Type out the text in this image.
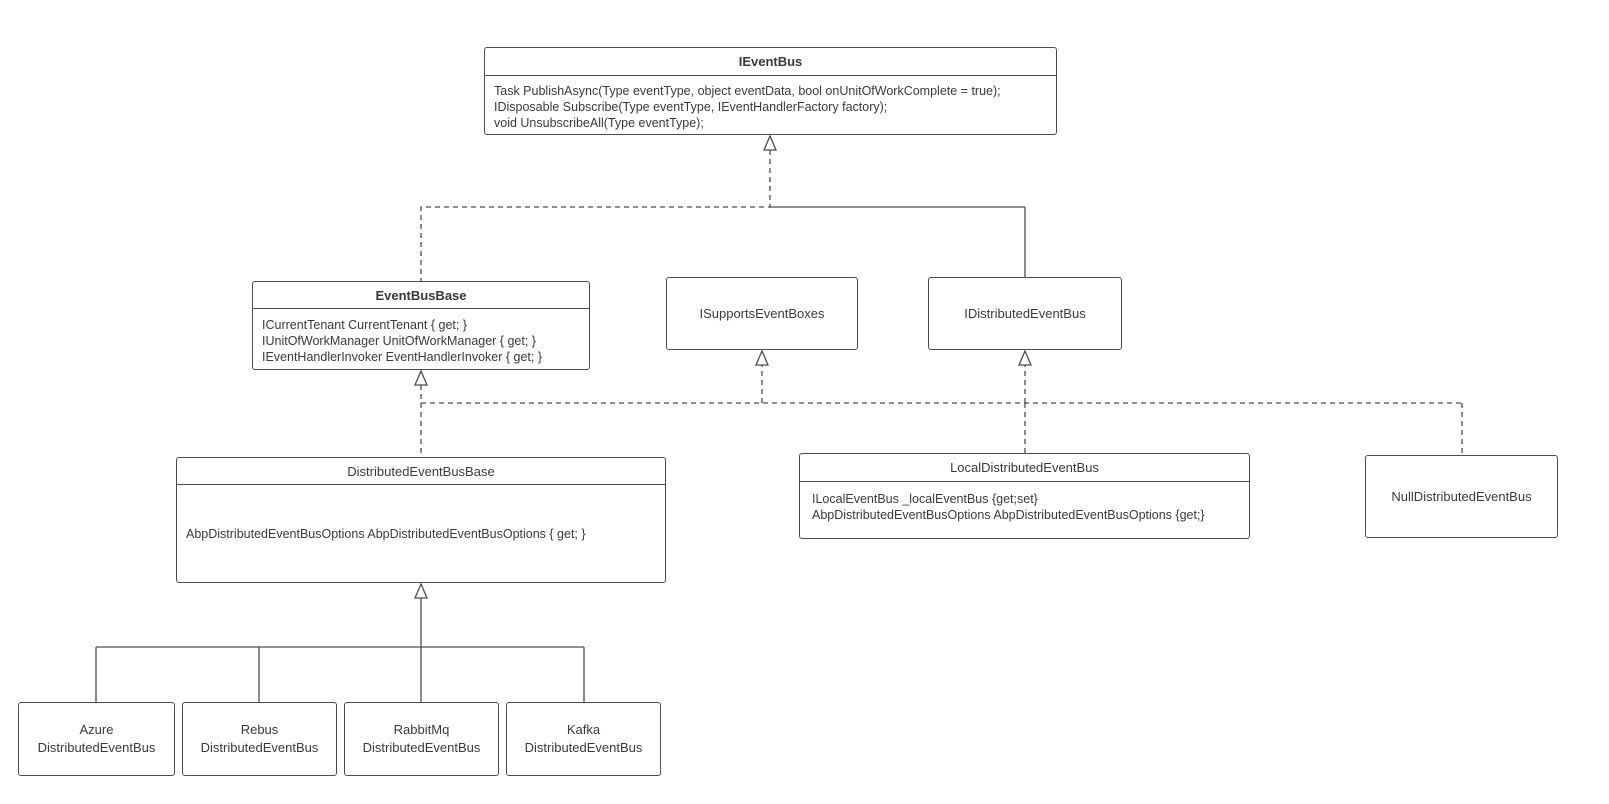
IEventBus
Task PublishAsync(Type eventType, object eventData, bool onUnitOfWorkComplete = true);
IDisposable Subscribe(Type eventType, IEventHandlerFactory factory);
void UnsubscribeAll(Type eventType);
EventBusBase
ICurrentTenant CurrentTenant { get; }
IUnitOfWorkManager UnitOfWorkManager { get; }
IEventHandlerInvoker EventHandlerInvoker { get; }
ISupportsEventBoxes	IDistributedEventBus
DistributedEventBusBase
AbpDistributedEventBusOptions AbpDistributedEventBusOptions { get; }
LocalDistributedEventBus
ILocalEventBus _localEventBus {get;set}
AbpDistributedEventBusOptions AbpDistributedEventBusOptions {get;}
NullDistributedEventBus
Azure
DistributedEventBus
Rebus
DistributedEventBus
RabbitMq
DistributedEventBus
Kafka
DistributedEventBus
